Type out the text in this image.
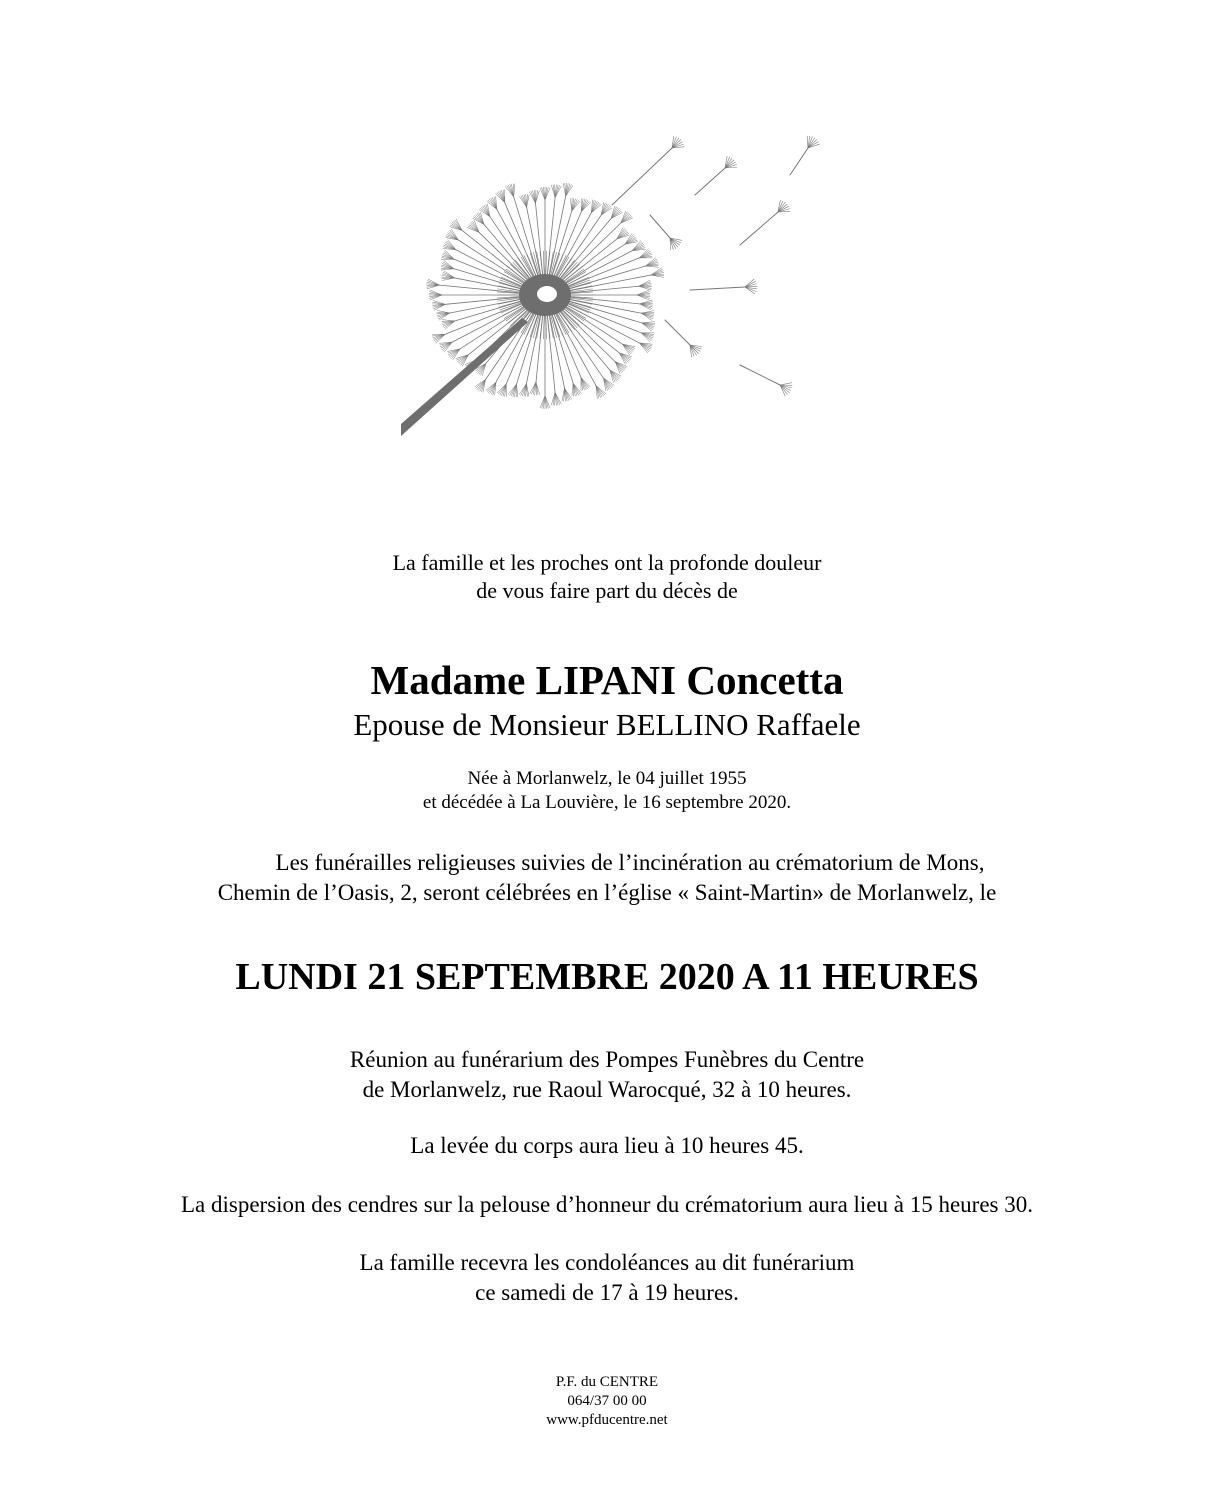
La famille et les proches ont la profonde douleur
de vous faire part du décès de
Madame LIPANI Concetta
Epouse de Monsieur BELLINO Raffaele
Née à Morlanwelz, le 04 juillet 1955
et décédée à La Louvière, le 16 septembre 2020.
Les funérailles religieuses suivies de l’incinération au crématorium de Mons,
Chemin de l’Oasis, 2, seront célébrées en l’église « Saint-Martin» de Morlanwelz, le
LUNDI 21 SEPTEMBRE 2020 A 11 HEURES
Réunion au funérarium des Pompes Funèbres du Centre
de Morlanwelz, rue Raoul Warocqué, 32 à 10 heures.
La levée du corps aura lieu à 10 heures 45.
La dispersion des cendres sur la pelouse d’honneur du crématorium aura lieu à 15 heures 30.
La famille recevra les condoléances au dit funérarium
ce samedi de 17 à 19 heures.
P.F. du CENTRE
064/37 00 00
www.pfducentre.net
